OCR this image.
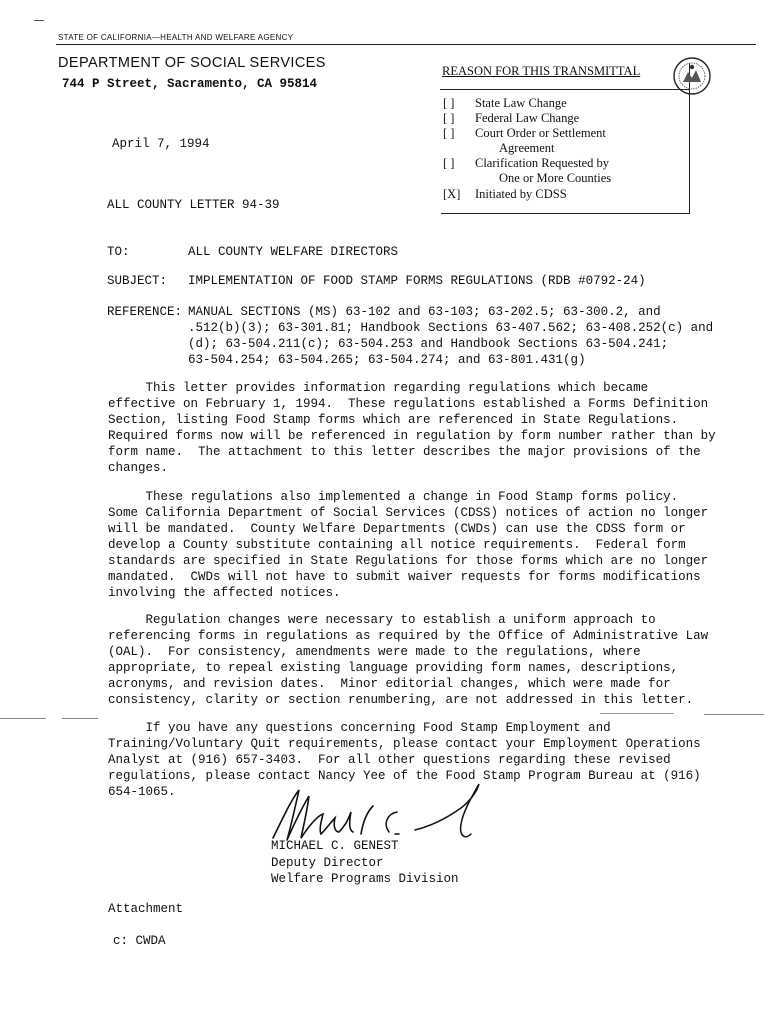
STATE OF CALIFORNIA—HEALTH AND WELFARE AGENCY
DEPARTMENT OF SOCIAL SERVICES
744 P Street, Sacramento, CA 95814
REASON FOR THIS TRANSMITTAL
[ ] State Law Change
[ ] Federal Law Change
[ ] Court Order or Settlement
Agreement
[ ] Clarification Requested by
One or More Counties
[X] Initiated by CDSS
April 7, 1994
ALL COUNTY LETTER 94-39
TO:	ALL COUNTY WELFARE DIRECTORS
SUBJECT: IMPLEMENTATION OF FOOD STAMP FORMS REGULATIONS (RDB #0792-24)
REFERENCE: MANUAL SECTIONS (MS) 63-102 and 63-103; 63-202.5; 63-300.2, and
.512(b)(3); 63-301.81; Handbook Sections 63-407.562; 63-408.252(c) and
(d); 63-504.211(c); 63-504.253 and Handbook Sections 63-504.241;
63-504.254; 63-504.265; 63-504.274; and 63-801.431(g)
This letter provides information regarding regulations which became
effective on February 1, 1994.  These regulations established a Forms Definition
Section, listing Food Stamp forms which are referenced in State Regulations.
Required forms now will be referenced in regulation by form number rather than by
form name.  The attachment to this letter describes the major provisions of the
changes.
These regulations also implemented a change in Food Stamp forms policy.
Some California Department of Social Services (CDSS) notices of action no longer
will be mandated.  County Welfare Departments (CWDs) can use the CDSS form or
develop a County substitute containing all notice requirements.  Federal form
standards are specified in State Regulations for those forms which are no longer
mandated.  CWDs will not have to submit waiver requests for forms modifications
involving the affected notices.
Regulation changes were necessary to establish a uniform approach to
referencing forms in regulations as required by the Office of Administrative Law
(OAL).  For consistency, amendments were made to the regulations, where
appropriate, to repeal existing language providing form names, descriptions,
acronyms, and revision dates.  Minor editorial changes, which were made for
consistency, clarity or section renumbering, are not addressed in this letter.
If you have any questions concerning Food Stamp Employment and
Training/Voluntary Quit requirements, please contact your Employment Operations
Analyst at (916) 657-3403.  For all other questions regarding these revised
regulations, please contact Nancy Yee of the Food Stamp Program Bureau at (916)
654-1065.
MICHAEL C. GENEST
Deputy Director
Welfare Programs Division
Attachment
c: CWDA
